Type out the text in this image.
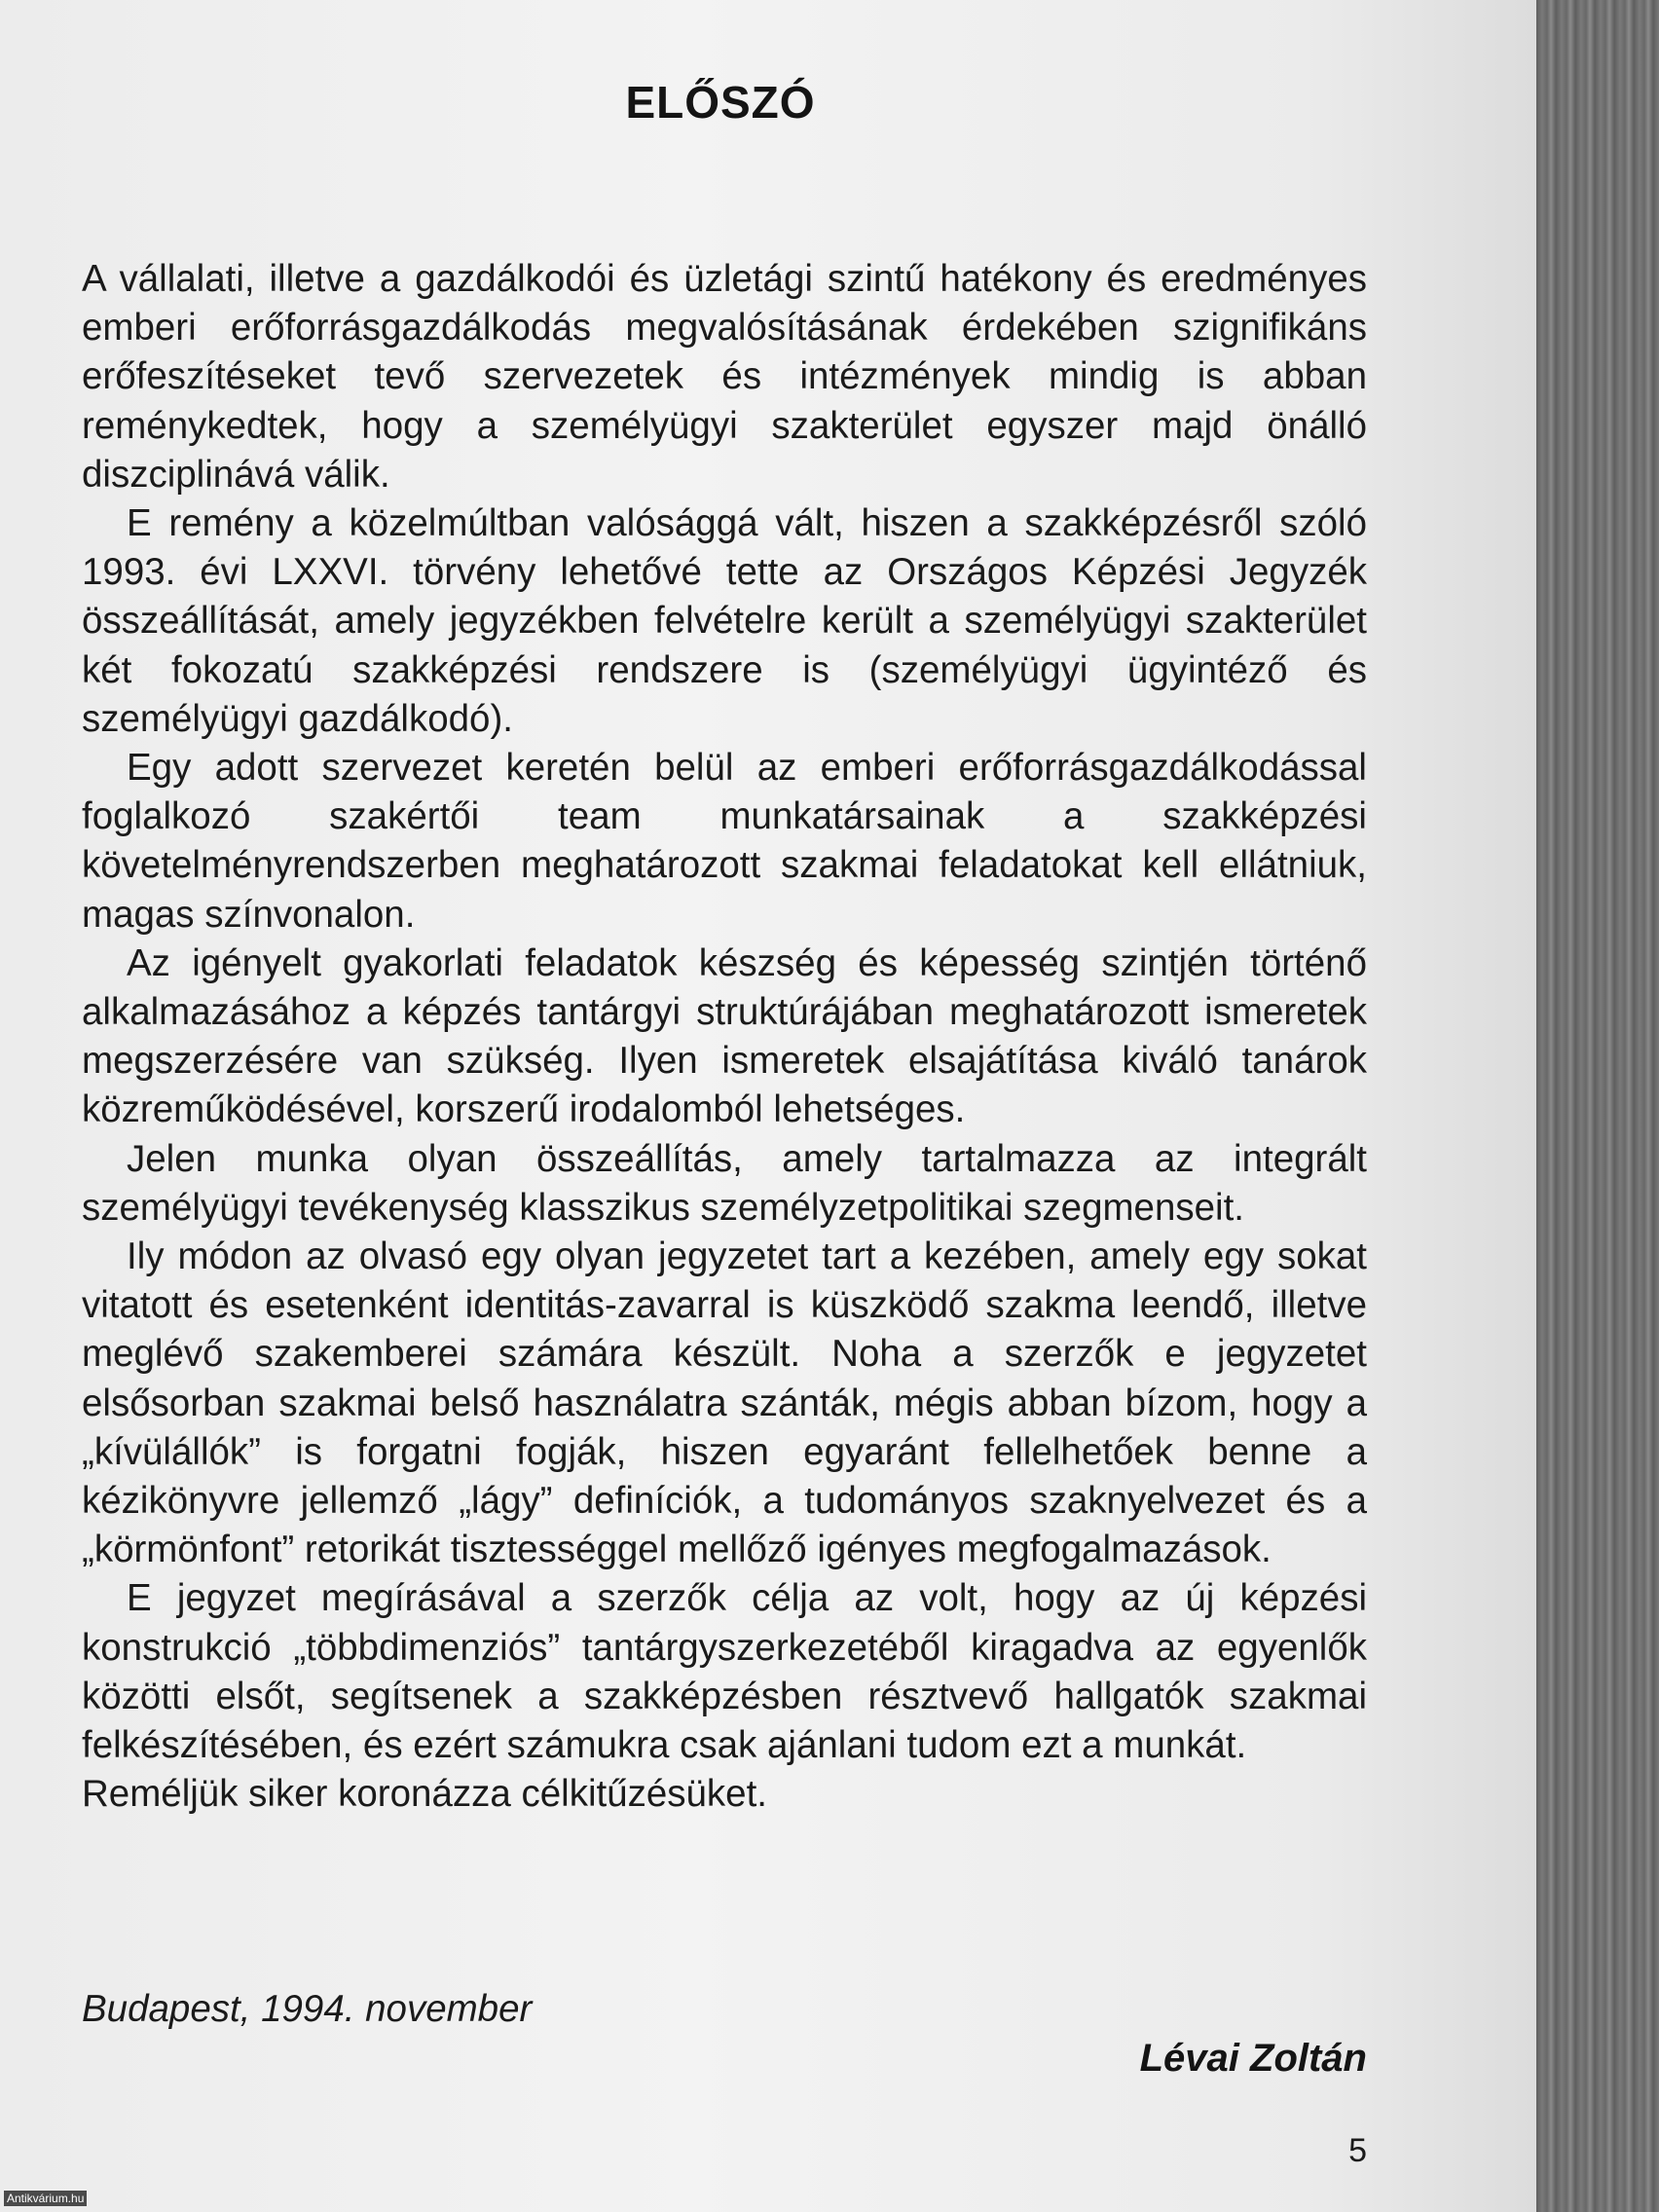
ELŐSZÓ

A vállalati, illetve a gazdálkodói és üzletági szintű hatékony és eredményes emberi erőforrásgazdálkodás megvalósításának érdekében szignifikáns erőfeszítéseket tevő szervezetek és intézmények mindig is abban reménykedtek, hogy a személyügyi szakterület egyszer majd önálló diszciplinává válik.

E remény a közelmúltban valósággá vált, hiszen a szakképzésről szóló 1993. évi LXXVI. törvény lehetővé tette az Országos Képzési Jegyzék összeállítását, amely jegyzékben felvételre került a személyügyi szakterület két fokozatú szakképzési rendszere is (személyügyi ügyintéző és személyügyi gazdálkodó).

Egy adott szervezet keretén belül az emberi erőforrásgazdálkodással foglalkozó szakértői team munkatársainak a szakképzési követelményrendszerben meghatározott szakmai feladatokat kell ellátniuk, magas színvonalon.

Az igényelt gyakorlati feladatok készség és képesség szintjén történő alkalmazásához a képzés tantárgyi struktúrájában meghatározott ismeretek megszerzésére van szükség. Ilyen ismeretek elsajátítása kiváló tanárok közreműködésével, korszerű irodalomból lehetséges.

Jelen munka olyan összeállítás, amely tartalmazza az integrált személyügyi tevékenység klasszikus személyzetpolitikai szegmenseit.

Ily módon az olvasó egy olyan jegyzetet tart a kezében, amely egy sokat vitatott és esetenként identitás-zavarral is küszködő szakma leendő, illetve meglévő szakemberei számára készült. Noha a szerzők e jegyzetet elsősorban szakmai belső használatra szánták, mégis abban bízom, hogy a „kívülállók” is forgatni fogják, hiszen egyaránt fellelhetőek benne a kézikönyvre jellemző „lágy” definíciók, a tudományos szaknyelvezet és a „körmönfont” retorikát tisztességgel mellőző igényes megfogalmazások.

E jegyzet megírásával a szerzők célja az volt, hogy az új képzési konstrukció „többdimenziós” tantárgyszerkezetéből kiragadva az egyenlők közötti elsőt, segítsenek a szakképzésben résztvevő hallgatók szakmai felkészítésében, és ezért számukra csak ajánlani tudom ezt a munkát.

Reméljük siker koronázza célkitűzésüket.

Budapest, 1994. november
Lévai Zoltán
5
Antikvárium.hu
